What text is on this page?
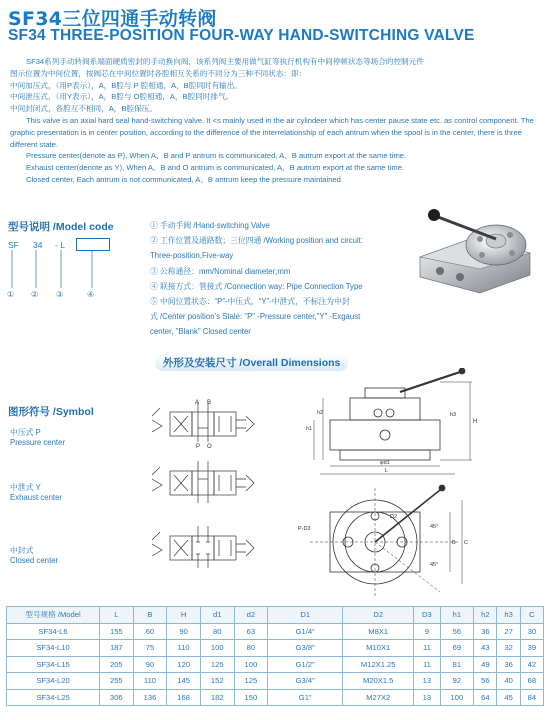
SF34三位四通手动转阀
SF34 THREE-POSITION FOUR-WAY HAND-SWITCHING VALVE
SF34系列手动转阀系端面硬质密封的手动换向阀，该系列阀主要用做气缸等执行机构有中间停顿状态等场合的控制元件
图示位置为中间位置，按阀芯在中间位置时各腔相互关系的不同分为三种不同状态：即：
中间加压式，（用P表示），A，B腔与 P 腔相通，A，B腔同时有输出。
中间泄压式，（用Y表示），A，B腔与 O腔相通，A，B腔同时排气。
中间封闭式，各腔互不相同，A，B腔保压。
This valve is an axial hard seal hand-switching valve. It <s mainly used in the air cylindeer which has center pause state etc. as control component. The graphic presentation is in center position, according to the difference of the interrelationship of each antrum when the spool is in the center, there is three different state.
Pressure center(denote as P), When A、B and P antrum is communicated, A、B autrum export at the same time.
Exhaust center(denote as Y), When A、B and O antrum is communicated, A、B autrum export at the same time.
Closed center, Each antrum is not communicated, A、B antrum keep the pressure maintained.
型号说明 /Model code
SF 34 - L
① ② ③	④
① 手动手阀 /Hand-switching Valve
② 工作位置及通路数；三位四通 /Working position and circuit:
Three-position,Five-way
③ 公称通径：mm/Nominal diameter;mm
④ 联接方式：管接式 /Connection way: Pipe Connection Type
⑤ 中间位置状态：“P”-中压式，“Y”-中泄式，不标注为中封
式 /Center position’s Stale: "P" -Pressure center,"Y" -Exgaust
center, "Blank" Closed center
外形及安装尺寸 /Overall Dimensions
H
h1
h2	h3
φd1
L
P-D3	45°
45°
B C
D2
图形符号 /Symbol
中压式 P
Pressure center
中泄式 Y
Exhaust center
中封式
Closed center
A B
P O
型号规格 /Model	L	B	H	d1	d2	D1	D2	D3	h1	h2	h3	C
SF34-L6	155	60	90	80	63	G1/4"	M8X1	9	56	36	27	30
SF34-L10	187	75	110	100	80	G3/8"	M10X1	11	69	43	32	39
SF34-L15	205	90	120	125	100	G1/2"	M12X1.25	11	81	49	36	42
SF34-L20	255	110	145	152	125	G3/4"	M20X1.5	13	92	56	40	68
SF34-L25	306	136	168	182	150	G1"	M27X2	13	100	64	45	84
